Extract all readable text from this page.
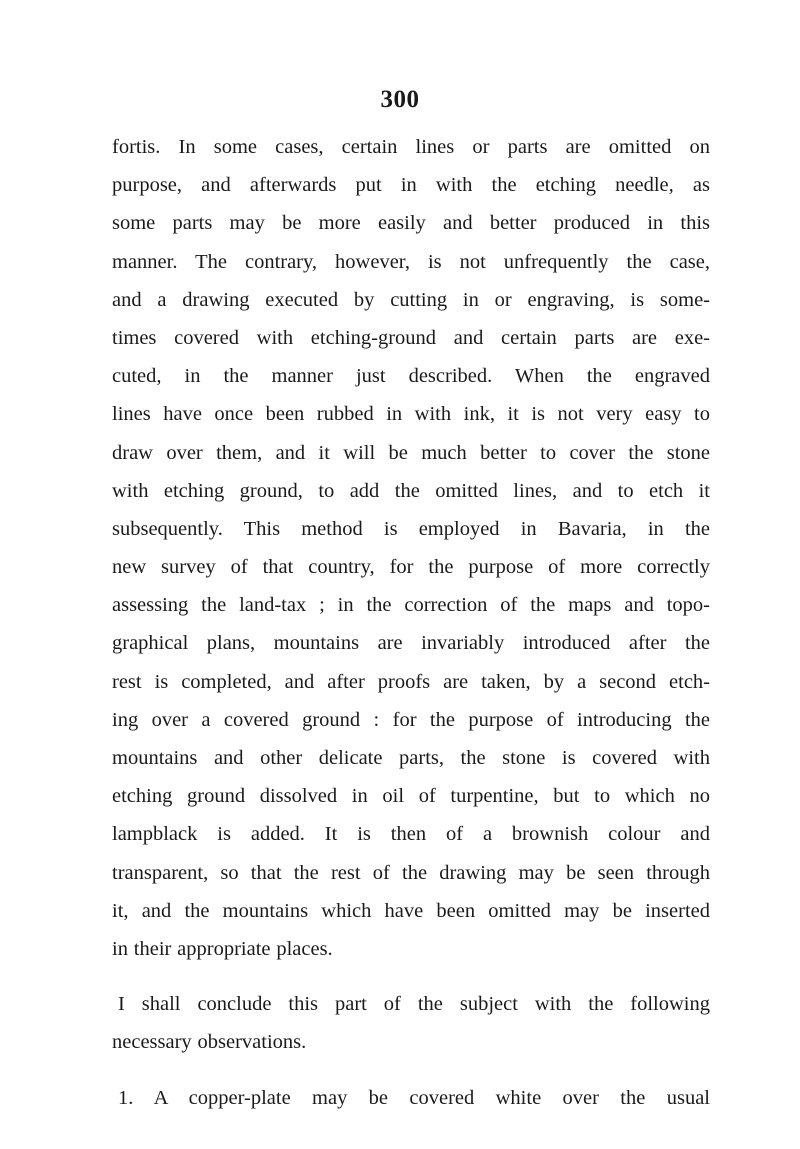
300
fortis. In some cases, certain lines or parts are omitted on
purpose, and afterwards put in with the etching needle, as
some parts may be more easily and better produced in this
manner. The contrary, however, is not unfrequently the case,
and a drawing executed by cutting in or engraving, is some-
times covered with etching-ground and certain parts are exe-
cuted, in the manner just described. When the engraved
lines have once been rubbed in with ink, it is not very easy to
draw over them, and it will be much better to cover the stone
with etching ground, to add the omitted lines, and to etch it
subsequently. This method is employed in Bavaria, in the
new survey of that country, for the purpose of more correctly
assessing the land-tax ; in the correction of the maps and topo-
graphical plans, mountains are invariably introduced after the
rest is completed, and after proofs are taken, by a second etch-
ing over a covered ground : for the purpose of introducing the
mountains and other delicate parts, the stone is covered with
etching ground dissolved in oil of turpentine, but to which no
lampblack is added. It is then of a brownish colour and
transparent, so that the rest of the drawing may be seen through
it, and the mountains which have been omitted may be inserted
in their appropriate places.
I shall conclude this part of the subject with the following
necessary observations.
1. A copper-plate may be covered white over the usual
